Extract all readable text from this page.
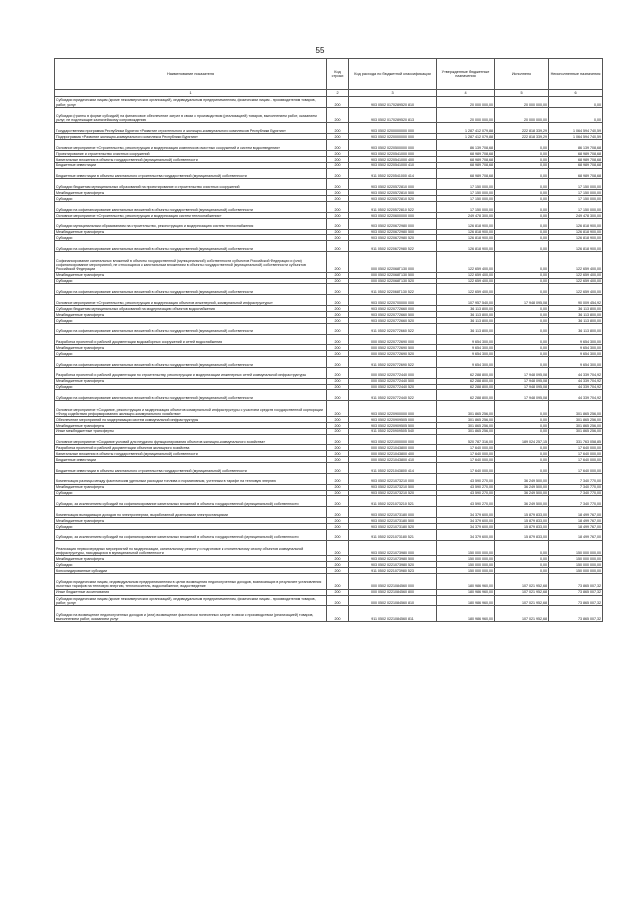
55
Наименование показателя	Код строки	Код расхода по бюджетной классификации	Утвержденные бюджетные назначения	Исполнено	Неисполненные назначения
1	2	3	4	5	6
Субсидии юридическим лицам (кроме некоммерческих организаций), индивидуальным предпринимателям, физическим лицам - производителям товаров, работ, услуг	200	903 0502 0170289520 810	20 000 000,00	20 000 000,00	0,00
Субсидии (гранты в форме субсидий) на финансовое обеспечение затрат в связи с производством (реализацией) товаров, выполнением работ, оказанием услуг, не подлежащие казначейскому сопровождению	200	903 0502 0170289520 813	20 000 000,00	20 000 000,00	0,00
Государственная программа Республики Бурятия «Развитие строительного и жилищно-коммунального комплексов Республики Бурятия»	200	903 0502 0200000000 000	1 287 412 079,88	222 818 339,29	1 064 594 740,59
Подпрограмма «Развитие жилищно-коммунального комплекса Республики Бурятия»	200	903 0502 0220000000 000	1 287 412 079,88	222 818 339,29	1 064 594 740,59
Основное мероприятие «Строительство, реконструкция и модернизация комплексов очистных сооружений и систем водоотведения»	200	903 0502 0220500000 000	86 139 708,68	0,00	86 139 708,68
Проектирование и строительство очистных сооружений	200	903 0502 0220541000 000	68 989 708,68	0,00	68 989 708,68
Капитальные вложения в объекты государственной (муниципальной) собственности	200	903 0502 0220541000 400	68 989 708,68	0,00	68 989 708,68
Бюджетные инвестиции	200	903 0502 0220541000 410	68 989 708,68	0,00	68 989 708,68
Бюджетные инвестиции в объекты капитального строительства государственной (муниципальной) собственности	200	911 0502 0220541000 414	68 989 708,68	0,00	68 989 708,68
Субсидии бюджетам муниципальных образований на проектирование и строительство очистных сооружений	200	903 0502 0220572810 000	17 150 000,00	0,00	17 150 000,00
Межбюджетные трансферты	200	903 0502 0220572810 500	17 150 000,00	0,00	17 150 000,00
Субсидии	200	903 0502 0220572810 520	17 150 000,00	0,00	17 150 000,00
Субсидии на софинансирование капитальных вложений в объекты государственной (муниципальной) собственности	200	911 0502 0220572810 522	17 150 000,00	0,00	17 150 000,00
Основное мероприятие «Строительство, реконструкция и модернизация систем теплоснабжения»	200	903 0502 0220600000 000	249 478 300,00	0,00	249 478 300,00
Субсидии муниципальным образованиям на строительство, реконструкцию и модернизацию систем теплоснабжения	200	903 0502 0220672980 000	126 818 900,00	0,00	126 818 900,00
Межбюджетные трансферты	200	903 0502 0220672980 500	126 818 900,00	0,00	126 818 900,00
Субсидии	200	903 0502 0220672980 520	126 818 900,00	0,00	126 818 900,00
Субсидии на софинансирование капитальных вложений в объекты государственной (муниципальной) собственности	200	911 0502 0220672980 522	126 818 900,00	0,00	126 818 900,00
Софинансирование капитальных вложений в объекты государственной (муниципальной) собственности субъектов Российской Федерации и (или) софинансирование мероприятий, не относящихся к капитальным вложениям в объекты государственной (муниципальной) собственности субъектов Российской Федерации	200	000 0502 022068Г130 000	122 659 400,00	0,00	122 659 400,00
Межбюджетные трансферты	200	000 0502 022068Г130 500	122 659 400,00	0,00	122 659 400,00
Субсидии	200	000 0502 022068Г130 520	122 659 400,00	0,00	122 659 400,00
Субсидии на софинансирование капитальных вложений в объекты государственной (муниципальной) собственности	200	911 0502 022068Г130 522	122 659 400,00	0,00	122 659 400,00
Основное мероприятие «Строительство, реконструкция и модернизация объектов инженерной, коммунальной инфраструктуры»	200	903 0502 0220700000 000	107 957 540,00	17 948 095,08	90 009 454,92
Субсидии бюджетам муниципальных образований на модернизацию объектов водоснабжения	200	903 0502 0220772660 000	36 113 800,00	0,00	36 113 800,00
Межбюджетные трансферты	200	903 0502 0220772660 500	36 113 800,00	0,00	36 113 800,00
Субсидии	200	903 0502 0220772660 520	36 113 800,00	0,00	36 113 800,00
Субсидии на софинансирование капитальных вложений в объекты государственной (муниципальной) собственности	200	911 0502 0220772660 522	36 113 800,00	0,00	36 113 800,00
Разработка проектной и рабочей документации водозаборных сооружений и сетей водоснабжения	200	000 0502 0220772690 000	9 654 300,00	0,00	9 654 300,00
Межбюджетные трансферты	200	000 0502 0220772690 500	9 654 300,00	0,00	9 654 300,00
Субсидии	200	000 0502 0220772690 520	9 654 300,00	0,00	9 654 300,00
Субсидии на софинансирование капитальных вложений в объекты государственной (муниципальной) собственности	200	911 0502 0220772690 522	9 654 300,00	0,00	9 654 300,00
Разработка проектной и рабочей документации по строительству, реконструкции и модернизации инженерных сетей коммунальной инфраструктуры	200	000 0502 0220772440 000	62 288 800,00	17 948 095,08	44 339 704,92
Межбюджетные трансферты	200	000 0502 0220772440 500	62 288 800,00	17 948 095,08	44 339 704,92
Субсидии	200	000 0502 0220772440 520	62 288 800,00	17 948 095,08	44 339 704,92
Субсидии на софинансирование капитальных вложений в объекты государственной (муниципальной) собственности	200	911 0502 0220772440 522	62 288 800,00	17 948 095,08	44 339 704,92
Основное мероприятие «Создание, реконструкция и модернизация объектов коммунальной инфраструктуры с участием средств государственной корпорации «Фонд содействия реформированию жилищно-коммунального хозяйства»	200	903 0502 0220900000 000	301 865 256,00	0,00	301 865 256,00
Обеспечение мероприятий по модернизации систем коммунальной инфраструктуры	200	903 0502 0220909505 000	301 865 256,00	0,00	301 865 256,00
Межбюджетные трансферты	200	903 0502 0220909505 500	301 865 256,00	0,00	301 865 256,00
Иные межбюджетные трансферты	200	911 0502 0220909505 540	301 865 256,00	0,00	301 865 256,00
Основное мероприятие «Создание условий для неудачно функционирования объектов жилищно-коммунального хозяйства»	200	903 0502 0221000000 000	520 787 316,00	189 024 257,15	331 763 058,85
Разработка проектной и рабочей документации объектов жилищного хозяйства	200	000 0502 0221043800 000	17 640 000,00	0,00	17 640 000,00
Капитальные вложения в объекты государственной (муниципальной) собственности	200	000 0502 0221043800 400	17 640 000,00	0,00	17 640 000,00
Бюджетные инвестиции	200	000 0502 0221043800 410	17 640 000,00	0,00	17 640 000,00
Бюджетные инвестиции в объекты капитального строительства государственной (муниципальной) собственности	200	911 0502 0221043800 414	17 640 000,00	0,00	17 640 000,00
Компенсация разницы между фактическим удельным расходом топлива и нормативным, учтенным в тарифе на тепловую энергию	200	903 0502 0221073210 000	43 590 270,00	36 249 500,00	7 340 770,00
Межбюджетные трансферты	200	903 0502 0221073210 500	43 590 270,00	36 249 500,00	7 340 770,00
Субсидии	200	903 0502 0221073210 520	43 590 270,00	36 249 500,00	7 340 770,00
Субсидии, за исключением субсидий на софинансирование капитальных вложений в объекты государственной (муниципальной) собственности	200	911 0502 0221073210 521	43 590 270,00	36 249 500,00	7 340 770,00
Компенсация выпадающих доходов по электроэнергии, выработанной дизельными электростанциями	200	903 0502 0221073180 000	34 379 600,00	15 879 833,00	18 499 767,00
Межбюджетные трансферты	200	903 0502 0221073180 500	34 379 600,00	15 879 833,00	18 499 767,00
Субсидии	200	903 0502 0221073180 520	34 379 600,00	15 879 833,00	18 499 767,00
Субсидии, за исключением субсидий на софинансирование капитальных вложений в объекты государственной (муниципальной) собственности	200	911 0502 0221073180 521	34 379 600,00	15 879 833,00	18 499 767,00
Реализация первоочередных мероприятий по модернизации, капитальному ремонту и подготовке к отопительному сезону объектов коммунальной инфраструктуры, находящихся в муниципальной собственности	200	903 0502 0221073980 000	150 000 000,00	0,00	150 000 000,00
Межбюджетные трансферты	200	903 0502 0221073980 500	150 000 000,00	0,00	150 000 000,00
Субсидии	200	903 0502 0221073980 520	150 000 000,00	0,00	150 000 000,00
Консолидированные субсидии	200	911 0502 0221073980 523	150 000 000,00	0,00	150 000 000,00
Субсидии юридическим лицам, индивидуальным предпринимателям в целях возмещения недополученных доходов, возникающих в результате установления льготных тарифов на тепловую энергию, теплоноситель, водоснабжение, водоотведение	200	000 0502 0221084560 000	180 986 960,00	107 021 952,68	73 865 007,32
Иные бюджетные ассигнования	200	000 0502 0221084560 800	180 986 960,00	107 021 952,68	73 865 007,32
Субсидии юридическим лицам (кроме некоммерческих организаций), индивидуальным предпринимателям, физическим лицам - производителям товаров, работ, услуг	200	000 0502 0221084560 810	180 986 960,00	107 021 952,68	73 865 007,32
Субсидии на возмещение недополученных доходов и (или) возмещение фактически понесенных затрат в связи с производством (реализацией) товаров, выполнением работ, оказанием услуг	200	911 0502 0221084560 811	180 986 960,00	107 021 952,68	73 865 007,32
